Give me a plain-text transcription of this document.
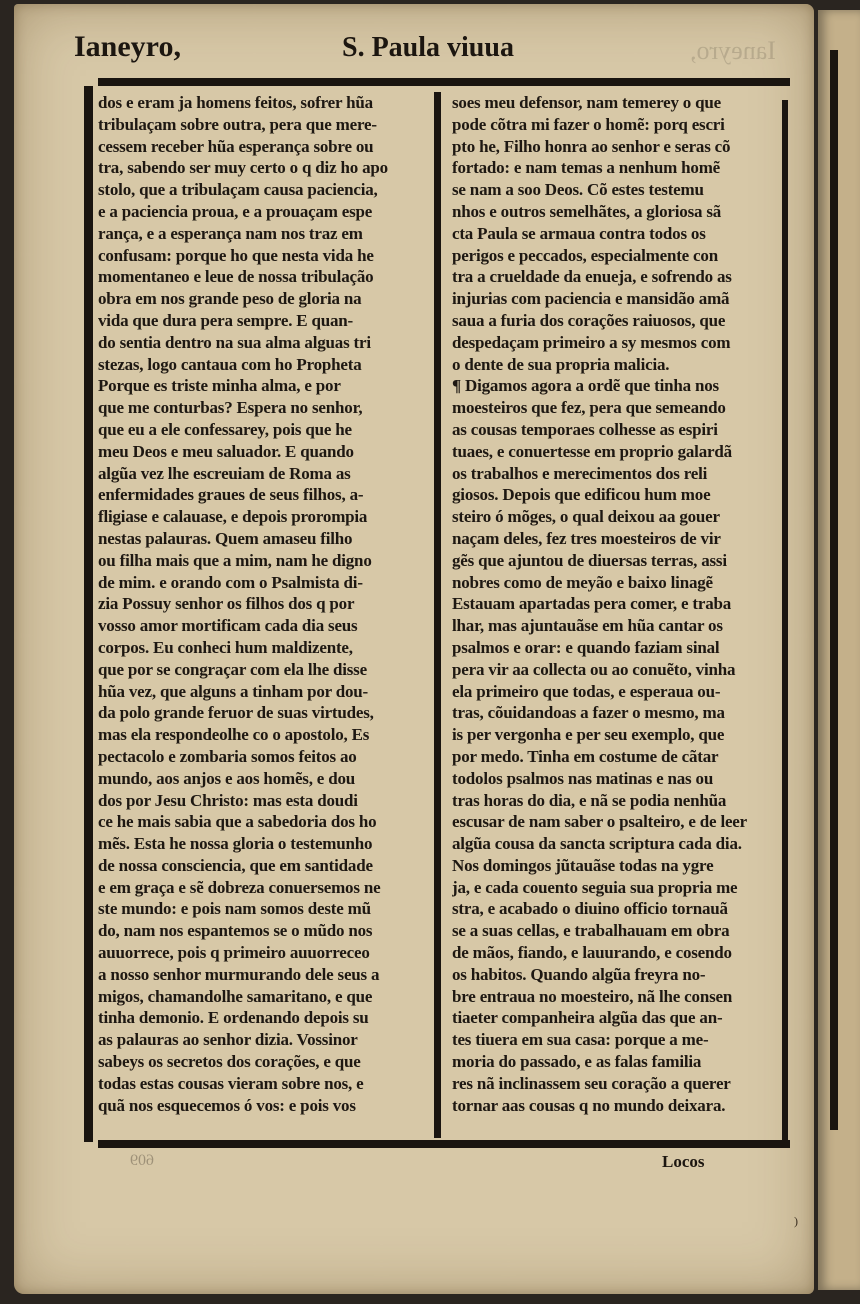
Ianeyro,	S. Paula viuua	Ianeyro,
dos e eram ja homens feitos, sofrer hũa
tribulaçam sobre outra, pera que mere-
cessem receber hũa esperança sobre ou
tra, sabendo ser muy certo o q diz ho apo
stolo, que a tribulaçam causa paciencia,
e a paciencia proua, e a prouaçam espe
rança, e a esperança nam nos traz em
confusam: porque ho que nesta vida he
momentaneo e leue de nossa tribulação
obra em nos grande peso de gloria na
vida que dura pera sempre. E quan-
do sentia dentro na sua alma alguas tri
stezas, logo cantaua com ho Propheta
Porque es triste minha alma, e por
que me conturbas? Espera no senhor,
que eu a ele confessarey, pois que he
meu Deos e meu saluador. E quando
algũa vez lhe escreuiam de Roma as
enfermidades graues de seus filhos, a-
fligiase e calauase, e depois prorompia
nestas palauras. Quem amaseu filho
ou filha mais que a mim, nam he digno
de mim. e orando com o Psalmista di-
zia Possuy senhor os filhos dos q por
vosso amor mortificam cada dia seus
corpos. Eu conheci hum maldizente,
que por se congraçar com ela lhe disse
hũa vez, que alguns a tinham por dou-
da polo grande feruor de suas virtudes,
mas ela respondeolhe co o apostolo, Es
pectacolo e zombaria somos feitos ao
mundo, aos anjos e aos homẽs, e dou
dos por Jesu Christo: mas esta doudi
ce he mais sabia que a sabedoria dos ho
mẽs. Esta he nossa gloria o testemunho
de nossa consciencia, que em santidade
e em graça e sẽ dobreza conuersemos ne
ste mundo: e pois nam somos deste mũ
do, nam nos espantemos se o mũdo nos
auuorrece, pois q primeiro auuorreceo
a nosso senhor murmurando dele seus a
migos, chamandolhe samaritano, e que
tinha demonio. E ordenando depois su
as palauras ao senhor dizia. Vossinor
sabeys os secretos dos corações, e que
todas estas cousas vieram sobre nos, e
quã nos esquecemos ó vos: e pois vos
soes meu defensor, nam temerey o que
pode cõtra mi fazer o homẽ: porq escri
pto he, Filho honra ao senhor e seras cõ
fortado: e nam temas a nenhum homẽ
se nam a soo Deos. Cõ estes testemu
nhos e outros semelhãtes, a gloriosa sã
cta Paula se armaua contra todos os
perigos e peccados, especialmente con
tra a crueldade da enueja, e sofrendo as
injurias com paciencia e mansidão amã
saua a furia dos corações raiuosos, que
despedaçam primeiro a sy mesmos com
o dente de sua propria malicia.
¶ Digamos agora a ordẽ que tinha nos
moesteiros que fez, pera que semeando
as cousas temporaes colhesse as espiri
tuaes, e conuertesse em proprio galardã
os trabalhos e merecimentos dos reli
giosos. Depois que edificou hum moe
steiro ó mõges, o qual deixou aa gouer
naçam deles, fez tres moesteiros de vir
gẽs que ajuntou de diuersas terras, assi
nobres como de meyão e baixo linagẽ
Estauam apartadas pera comer, e traba
lhar, mas ajuntauãse em hũa cantar os
psalmos e orar: e quando faziam sinal
pera vir aa collecta ou ao conuẽto, vinha
ela primeiro que todas, e esperaua ou-
tras, cõuidandoas a fazer o mesmo, ma
is per vergonha e per seu exemplo, que
por medo. Tinha em costume de cãtar
todolos psalmos nas matinas e nas ou
tras horas do dia, e nã se podia nenhũa
escusar de nam saber o psalteiro, e de leer
algũa cousa da sancta scriptura cada dia.
Nos domingos jũtauãse todas na ygre
ja, e cada couento seguia sua propria me
stra, e acabado o diuino officio tornauã
se a suas cellas, e trabalhauam em obra
de mãos, fiando, e lauurando, e cosendo
os habitos. Quando algũa freyra no-
bre entraua no moesteiro, nã lhe consen
tiaeter companheira algũa das que an-
tes tiuera em sua casa: porque a me-
moria do passado, e as falas familia
res nã inclinassem seu coração a querer
tornar aas cousas q no mundo deixara.
609	Locos
)
